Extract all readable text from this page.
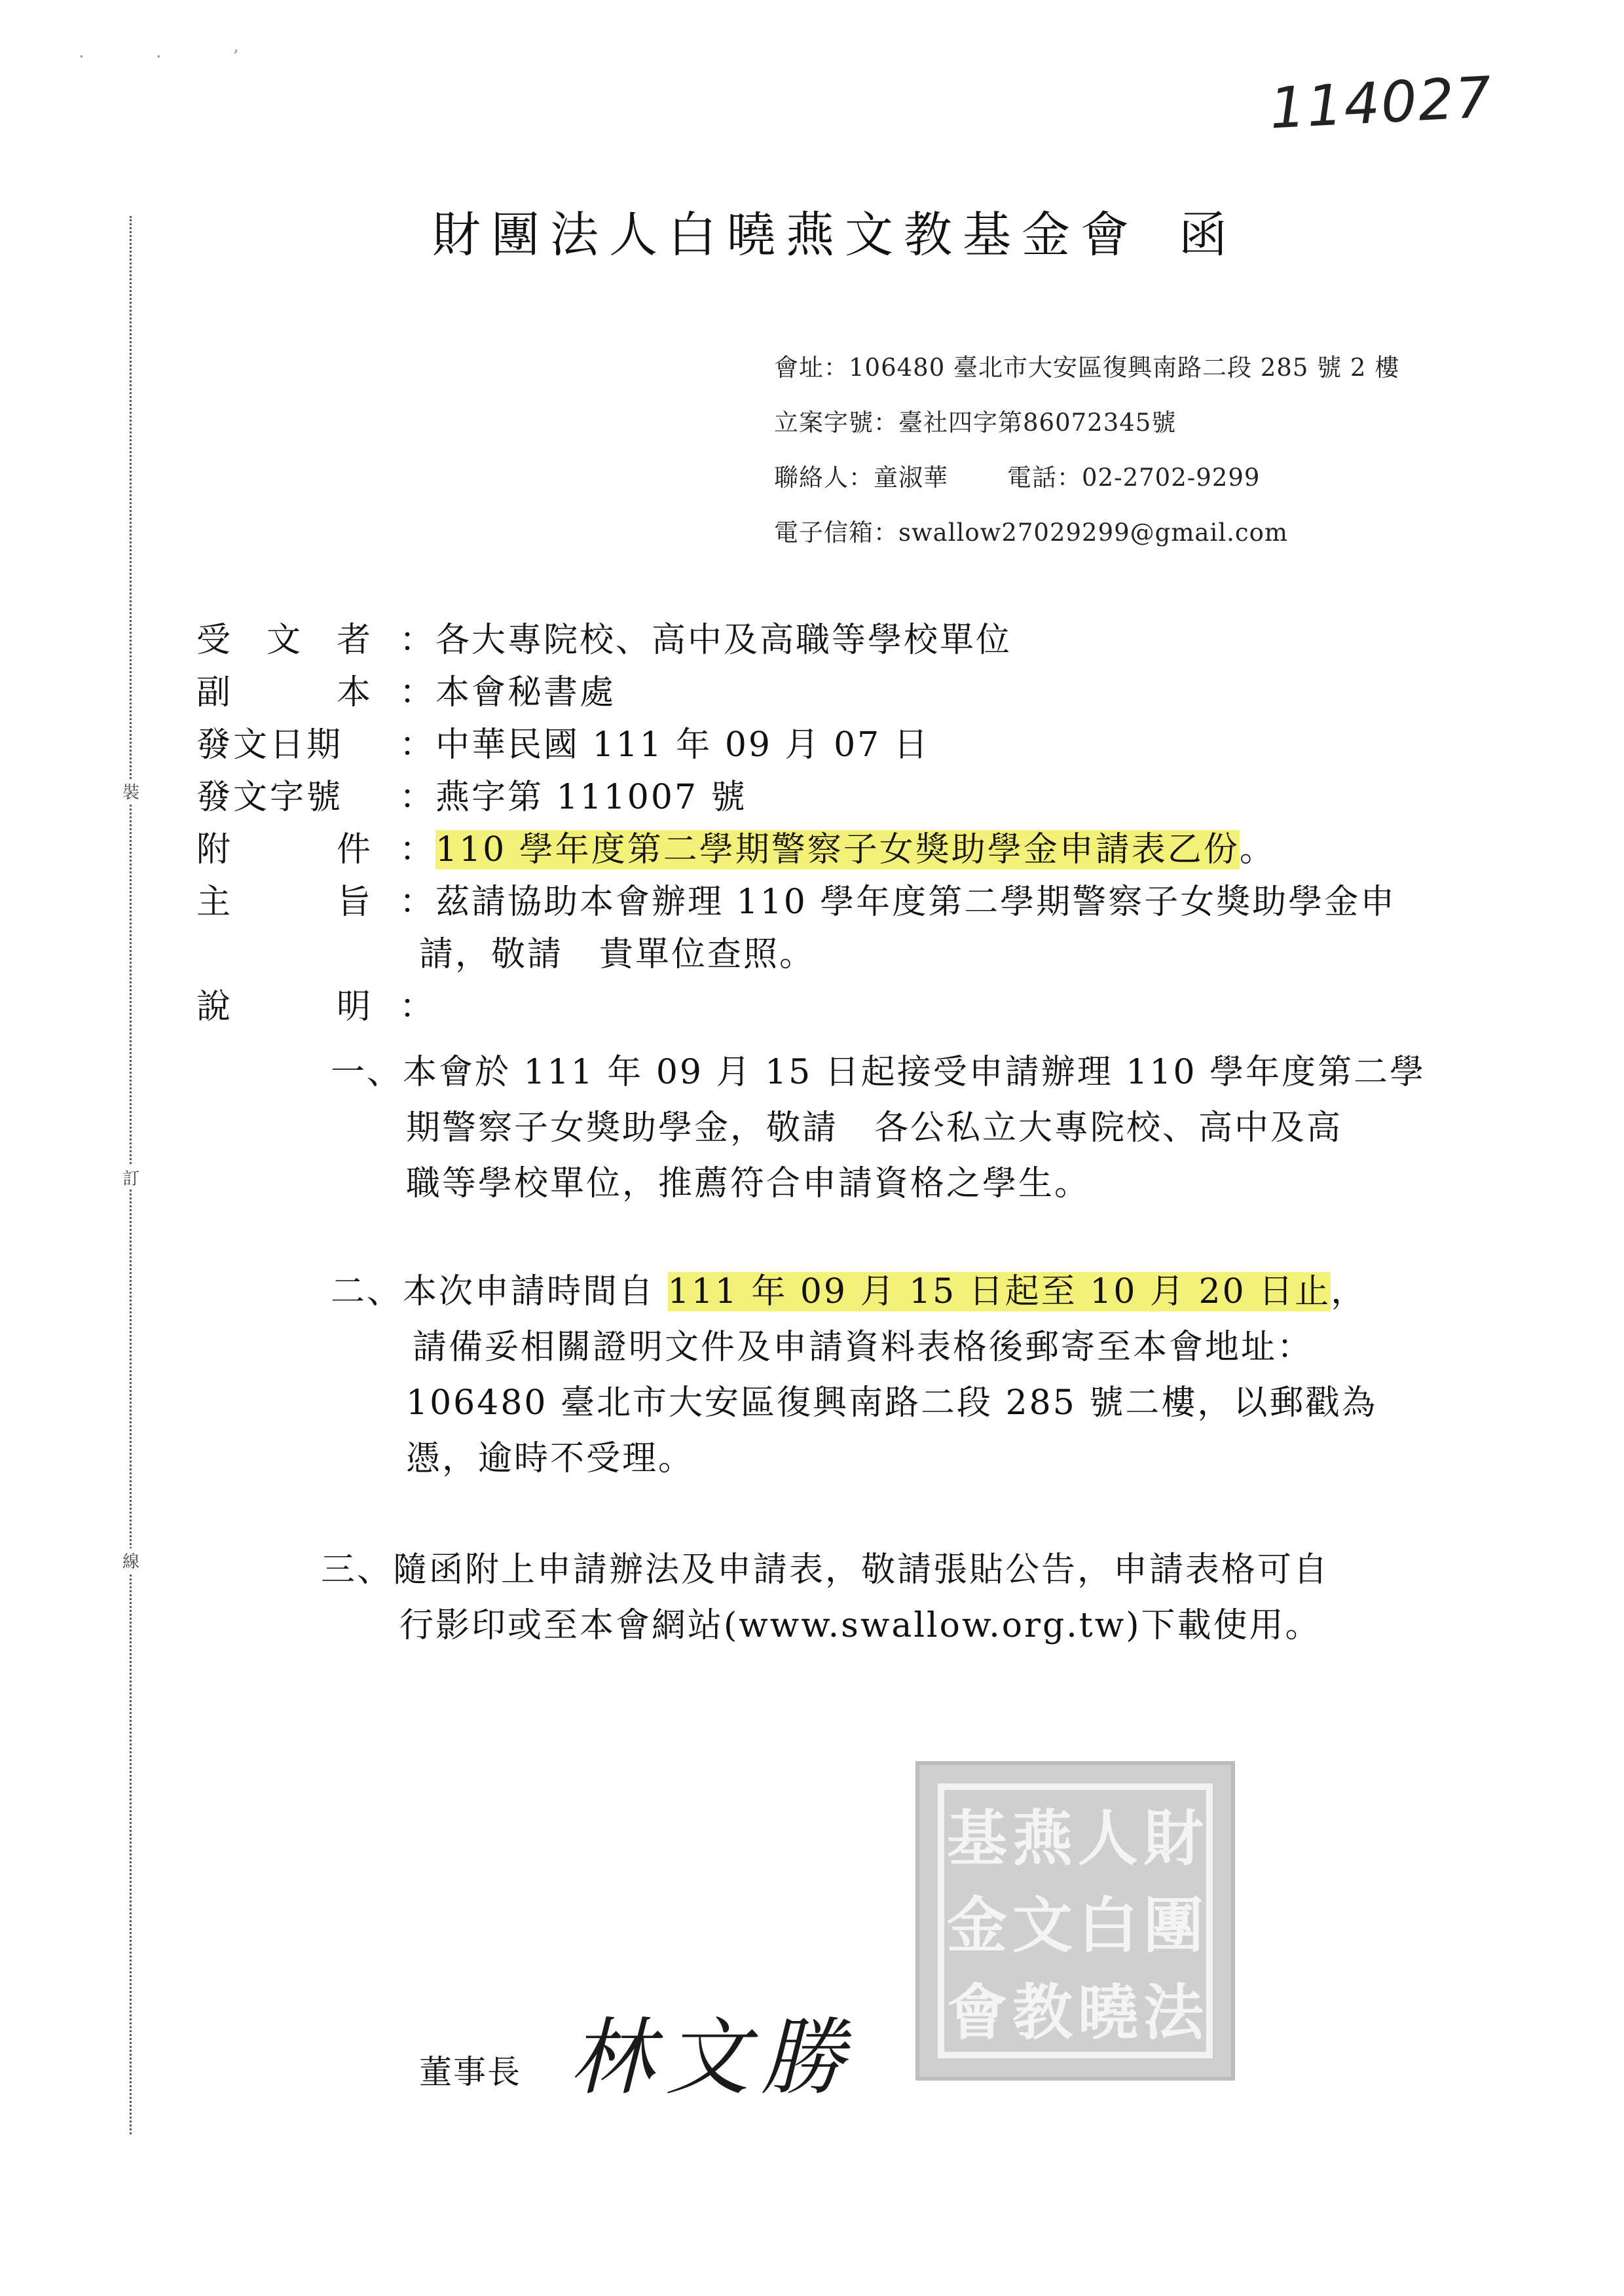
· · ’
裝
訂
線
114027
財團法人白曉燕文教基金會 函
會址：106480 臺北市大安區復興南路二段 285 號 2 樓
立案字號：臺社四字第86072345號
聯絡人：童淑華 電話：02-2702-9299
電子信箱：swallow27029299@gmail.com
受 文 者 ：各大專院校、高中及高職等學校單位
副	本 ：本會秘書處
發文日期 ：中華民國 111 年 09 月 07 日
發文字號 ：燕字第 111007 號
附	件 ：110 學年度第二學期警察子女獎助學金申請表乙份。
主	旨 ：茲請協助本會辦理 110 學年度第二學期警察子女獎助學金申
請，敬請　貴單位查照。
說	明 ：
一、本會於 111 年 09 月 15 日起接受申請辦理 110 學年度第二學
期警察子女獎助學金，敬請　各公私立大專院校、高中及高
職等學校單位，推薦符合申請資格之學生。
二、本次申請時間自 111 年 09 月 15 日起至 10 月 20 日止，
請備妥相關證明文件及申請資料表格後郵寄至本會地址：
106480 臺北市大安區復興南路二段 285 號二樓，以郵戳為
憑，逾時不受理。
三、隨函附上申請辦法及申請表，敬請張貼公告，申請表格可自
行影印或至本會網站(www.swallow.org.tw)下載使用。
財
團
法
人
白
曉
燕
文
教
基
金
會
董事長 林文勝
